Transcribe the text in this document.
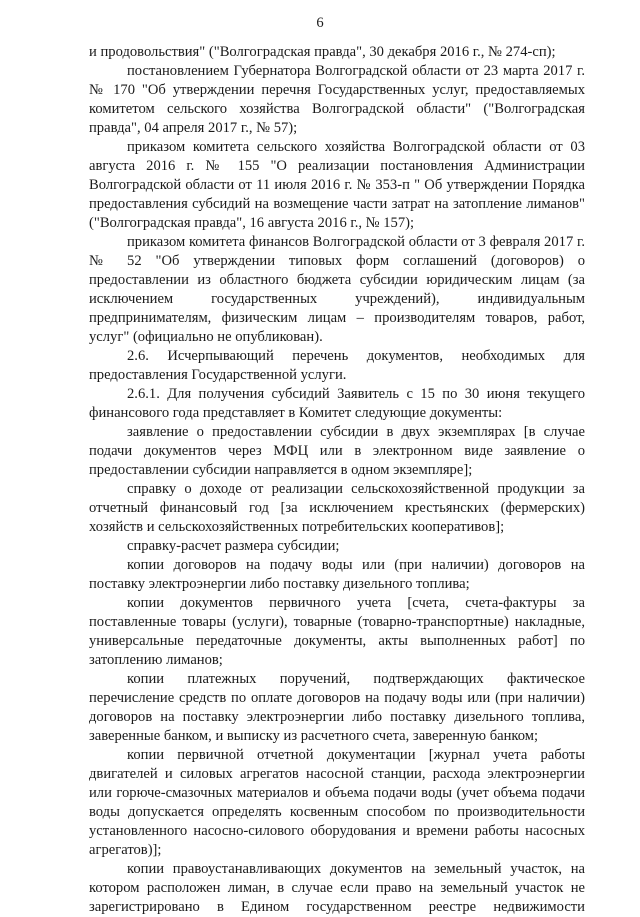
6

и продовольствия" ("Волгоградская правда", 30 декабря 2016 г., № 274-сп);

постановлением Губернатора Волгоградской области от 23 марта 2017 г. № 170 "Об утверждении перечня Государственных услуг, предоставляемых комитетом сельского хозяйства Волгоградской области" ("Волгоградская правда", 04 апреля 2017 г., № 57);

приказом комитета сельского хозяйства Волгоградской области от 03 августа 2016 г. № 155 "О реализации постановления Администрации Волгоградской области от 11 июля 2016 г. № 353-п " Об утверждении Порядка предоставления субсидий на возмещение части затрат на затопление лиманов" ("Волгоградская правда", 16 августа 2016 г., № 157);

приказом комитета финансов Волгоградской области от 3 февраля 2017 г. № 52 "Об утверждении типовых форм соглашений (договоров) о предоставлении из областного бюджета субсидии юридическим лицам (за исключением государственных учреждений), индивидуальным предпринимателям, физическим лицам – производителям товаров, работ, услуг" (официально не опубликован).

2.6. Исчерпывающий перечень документов, необходимых для предоставления Государственной услуги.

2.6.1. Для получения субсидий Заявитель с 15 по 30 июня текущего финансового года представляет в Комитет следующие документы:

заявление о предоставлении субсидии в двух экземплярах [в случае подачи документов через МФЦ или в электронном виде заявление о предоставлении субсидии направляется в одном экземпляре];

справку о доходе от реализации сельскохозяйственной продукции за отчетный финансовый год [за исключением крестьянских (фермерских) хозяйств и сельскохозяйственных потребительских кооперативов];

справку-расчет размера субсидии;

копии договоров на подачу воды или (при наличии) договоров на поставку электроэнергии либо поставку дизельного топлива;

копии документов первичного учета [счета, счета-фактуры за поставленные товары (услуги), товарные (товарно-транспортные) накладные, универсальные передаточные документы, акты выполненных работ] по затоплению лиманов;

копии платежных поручений, подтверждающих фактическое перечисление средств по оплате договоров на подачу воды или (при наличии) договоров на поставку электроэнергии либо поставку дизельного топлива, заверенные банком, и выписку из расчетного счета, заверенную банком;

копии первичной отчетной документации [журнал учета работы двигателей и силовых агрегатов насосной станции, расхода электроэнергии или горюче-смазочных материалов и объема подачи воды (учет объема подачи воды допускается определять косвенным способом по производительности установленного насосно-силового оборудования и времени работы насосных агрегатов)];

копии правоустанавливающих документов на земельный участок, на котором расположен лиман, в случае если право на земельный участок не зарегистрировано в Едином государственном реестре недвижимости
